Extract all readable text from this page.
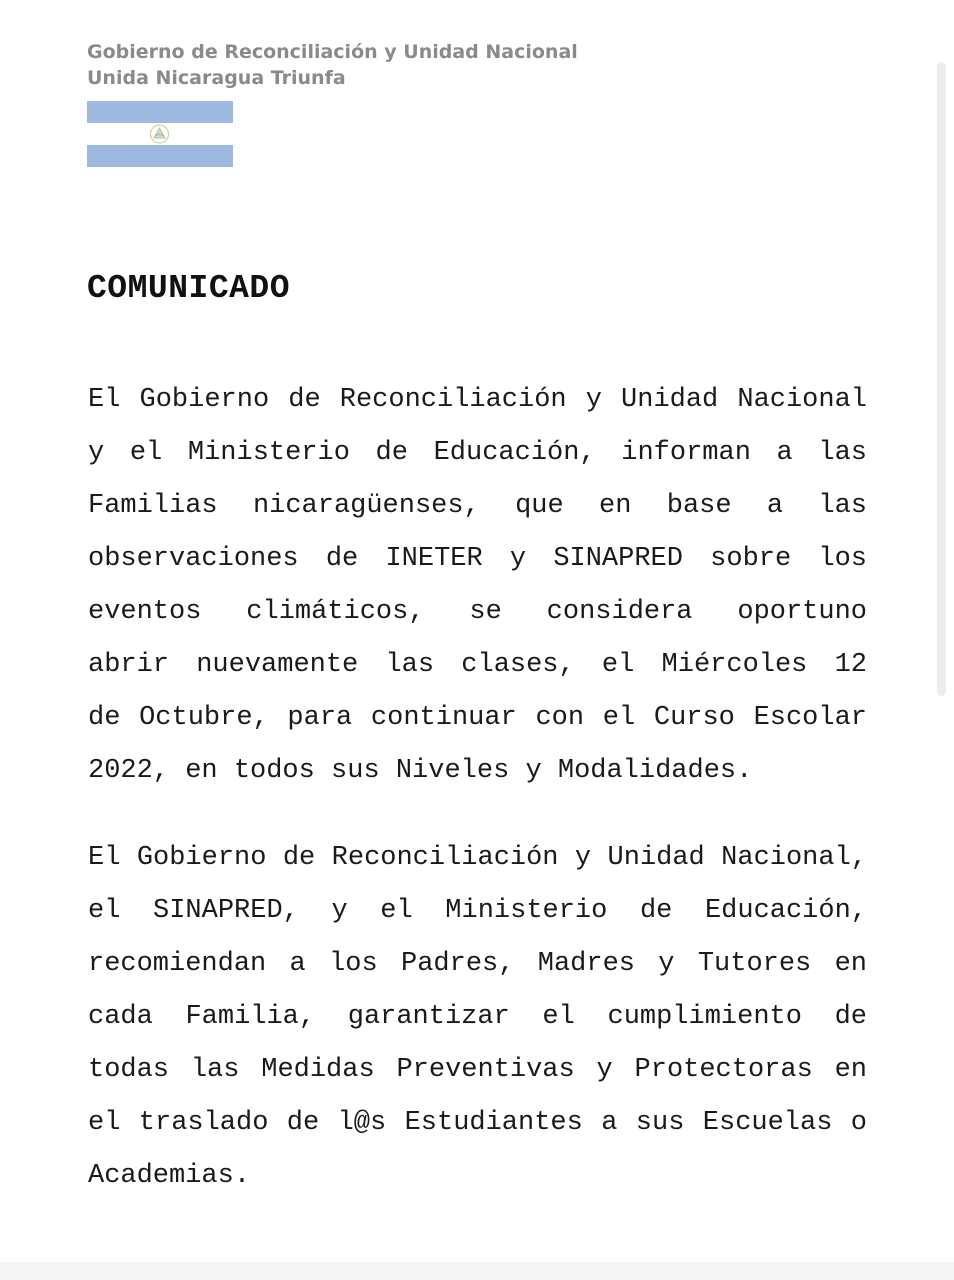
Gobierno de Reconciliación y Unidad Nacional
Unida Nicaragua Triunfa
COMUNICADO
El Gobierno de Reconciliación y Unidad Nacional
y el Ministerio de Educación, informan a las
Familias nicaragüenses, que en base a las
observaciones de INETER y SINAPRED sobre los
eventos climáticos, se considera oportuno
abrir nuevamente las clases, el Miércoles 12
de Octubre, para continuar con el Curso Escolar
2022, en todos sus Niveles y Modalidades.
El Gobierno de Reconciliación y Unidad Nacional,
el SINAPRED, y el Ministerio de Educación,
recomiendan a los Padres, Madres y Tutores en
cada Familia, garantizar el cumplimiento de
todas las Medidas Preventivas y Protectoras en
el traslado de l@s Estudiantes a sus Escuelas o
Academias.
